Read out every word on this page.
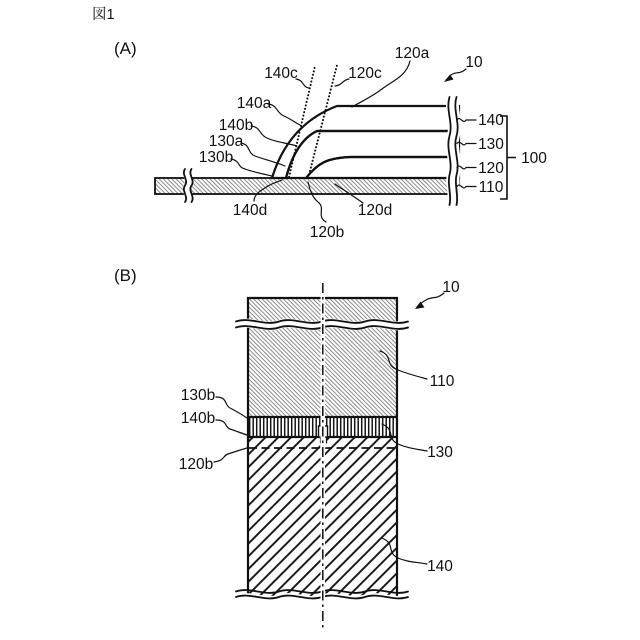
図1
(A)
140c	120c
120a
10
140a
140b
130a
130b
140d
120b
120d
140
130
120
110
100
(B)
10
110
130b
140b
120b
130
140
